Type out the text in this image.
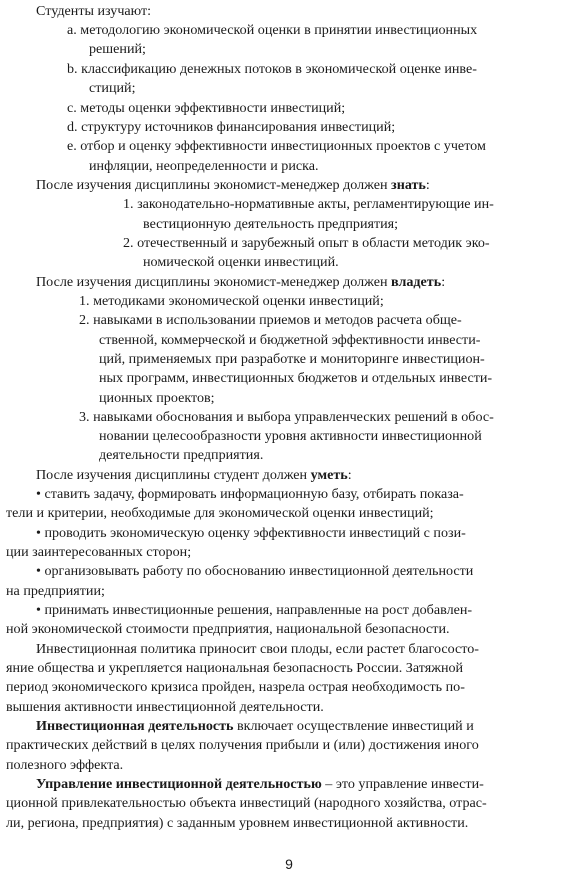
Студенты изучают:
a. методологию экономической оценки в принятии инвестиционных
решений;
b. классификацию денежных потоков в экономической оценке инве-
стиций;
c. методы оценки эффективности инвестиций;
d. структуру источников финансирования инвестиций;
e. отбор и оценку эффективности инвестиционных проектов с учетом
инфляции, неопределенности и риска.
После изучения дисциплины экономист-менеджер должен знать:
1. законодательно-нормативные акты, регламентирующие ин-
вестиционную деятельность предприятия;
2. отечественный и зарубежный опыт в области методик эко-
номической оценки инвестиций.
После изучения дисциплины экономист-менеджер должен владеть:
1. методиками экономической оценки инвестиций;
2. навыками в использовании приемов и методов расчета обще-
ственной, коммерческой и бюджетной эффективности инвести-
ций, применяемых при разработке и мониторинге инвестицион-
ных программ, инвестиционных бюджетов и отдельных инвести-
ционных проектов;
3. навыками обоснования и выбора управленческих решений в обос-
новании целесообразности уровня активности инвестиционной
деятельности предприятия.
После изучения дисциплины студент должен уметь:
• ставить задачу, формировать информационную базу, отбирать показа-
тели и критерии, необходимые для экономической оценки инвестиций;
• проводить экономическую оценку эффективности инвестиций с пози-
ции заинтересованных сторон;
• организовывать работу по обоснованию инвестиционной деятельности
на предприятии;
• принимать инвестиционные решения, направленные на рост добавлен-
ной экономической стоимости предприятия, национальной безопасности.
Инвестиционная политика приносит свои плоды, если растет благососто-
яние общества и укрепляется национальная безопасность России. Затяжной
период экономического кризиса пройден, назрела острая необходимость по-
вышения активности инвестиционной деятельности.
Инвестиционная деятельность включает осуществление инвестиций и
практических действий в целях получения прибыли и (или) достижения иного
полезного эффекта.
Управление инвестиционной деятельностью – это управление инвести-
ционной привлекательностью объекта инвестиций (народного хозяйства, отрас-
ли, региона, предприятия) с заданным уровнем инвестиционной активности.
9
